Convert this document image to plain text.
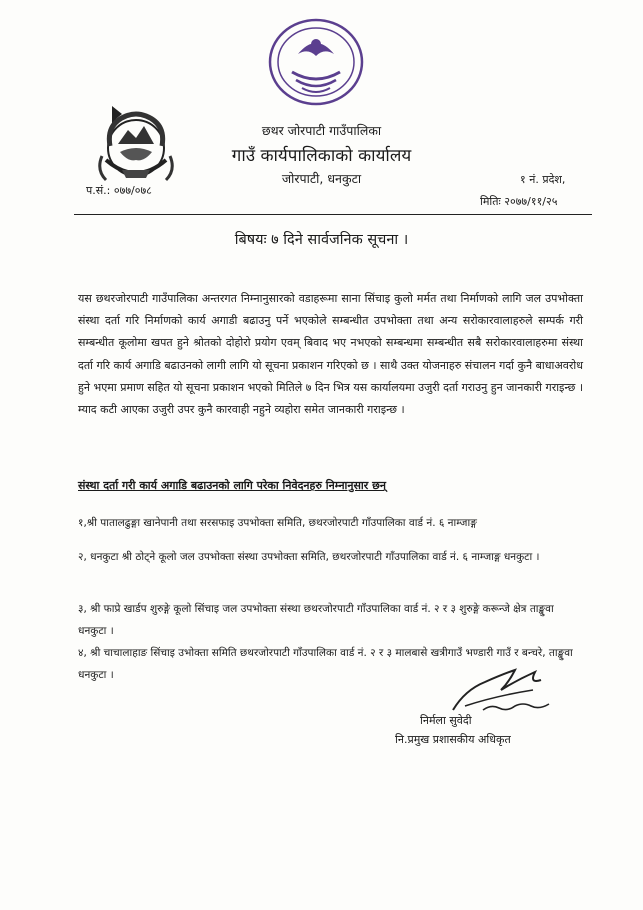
छथर जोरपाटी गाउँपालिका
गाउँ कार्यपालिकाको कार्यालय
जोरपाटी, धनकुटा	१ नं. प्रदेश,
प.सं.: ०७७/०७८
मितिः २०७७/११/२५
बिषयः ७ दिने सार्वजनिक सूचना ।
यस छथरजोरपाटी गाउँपालिका अन्तरगत निम्नानुसारको वडाहरूमा साना सिंचाइ कुलो मर्मत तथा निर्माणको लागि जल उपभोक्ता संस्था दर्ता गरि निर्माणको कार्य अगाडी बढाउनु पर्ने भएकोले सम्बन्धीत उपभोक्ता तथा अन्य सरोकारवालाहरुले सम्पर्क गरी सम्बन्धीत कूलोमा खपत हुने श्रोतको दोहोरो प्रयोग एवम् बिवाद भए नभएको सम्बन्धमा सम्बन्धीत सबै सरोकारवालाहरुमा संस्था दर्ता गरि कार्य अगाडि बढाउनको लागी लागि यो सूचना प्रकाशन गरिएको छ । साथै उक्त योजनाहरु संचालन गर्दा कुनै बाधाअवरोध हुने भएमा प्रमाण सहित यो सूचना प्रकाशन भएको मितिले ७ दिन भित्र यस कार्यालयमा उजुरी दर्ता गराउनु हुन जानकारी गराइन्छ । म्याद कटी आएका उजुरी उपर कुनै कारवाही नहुने व्यहोरा समेत जानकारी गराइन्छ ।
संस्था दर्ता गरी कार्य अगाडि बढाउनको लागि परेका निवेदनहरु निम्नानुसार छन्
१,श्री पातालढुङ्गा खानेपानी तथा सरसफाइ उपभोक्ता समिति, छथरजोरपाटी गाँउपालिका वार्ड नं. ६ नाम्जाङ्ग
२, धनकुटा श्री ठोट्ने कूलो जल उपभोक्ता संस्था उपभोक्ता समिति, छथरजोरपाटी गाँउपालिका वार्ड नं. ६ नाम्जाङ्ग धनकुटा ।
३, श्री फाप्रे खार्डप शुरुङ्गे कूलो सिंचाइ जल उपभोक्ता संस्था छथरजोरपाटी गाँउपालिका वार्ड नं. २ र ३ शुरुङ्गे करून्जे क्षेत्र ताङ्खुवा धनकुटा ।
४, श्री चाचालाहाङ सिंचाइ उभोक्ता समिति छथरजोरपाटी गाँउपालिका वार्ड नं. २ र ३ मालबासे खत्रीगाउँ भण्डारी गाउँ र बन्चरे, ताङ्खुवा धनकुटा ।
निर्मला सुवेदी
नि.प्रमुख प्रशासकीय अधिकृत
